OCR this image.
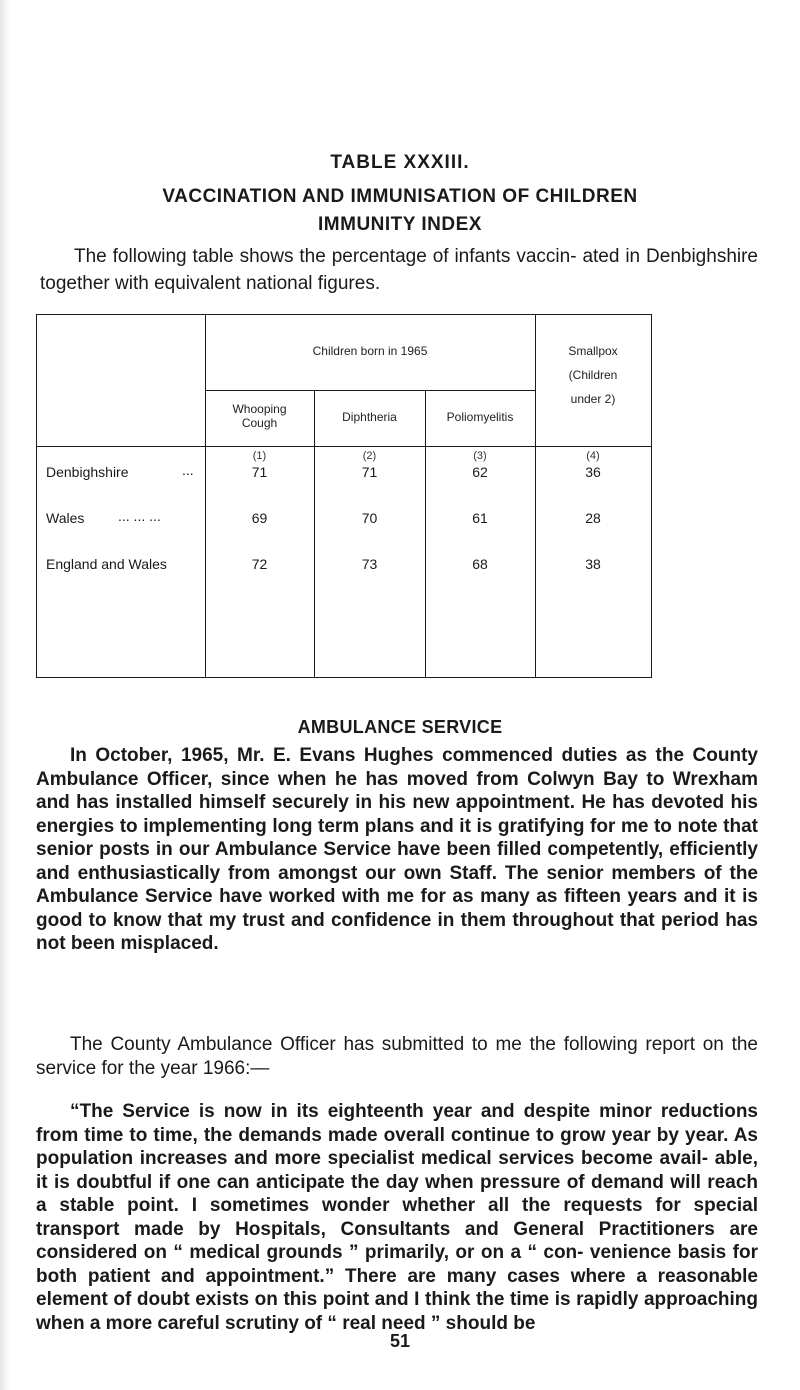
TABLE XXXIII.
VACCINATION AND IMMUNISATION OF CHILDREN
IMMUNITY INDEX
The following table shows the percentage of infants vaccin- ated in Denbighshire together with equivalent national figures.
Children born in 1965	Smallpox
(Children
under 2)
Whooping
Cough	Diphtheria	Poliomyelitis
(1)	(2)	(3)	(4)
Denbighshire	...	71	71	62	36
Wales ... ... ...	69	70	61	28
England and Wales	72	73	68	38
AMBULANCE SERVICE
In October, 1965, Mr. E. Evans Hughes commenced duties as the County Ambulance Officer, since when he has moved from Colwyn Bay to Wrexham and has installed himself securely in his new appointment. He has devoted his energies to implementing long term plans and it is gratifying for me to note that senior posts in our Ambulance Service have been filled competently, efficiently and enthusiastically from amongst our own Staff. The senior members of the Ambulance Service have worked with me for as many as fifteen years and it is good to know that my trust and confidence in them throughout that period has not been misplaced.
The County Ambulance Officer has submitted to me the following report on the service for the year 1966:—
“The Service is now in its eighteenth year and despite minor reductions from time to time, the demands made overall continue to grow year by year. As population increases and more specialist medical services become avail- able, it is doubtful if one can anticipate the day when pressure of demand will reach a stable point. I sometimes wonder whether all the requests for special transport made by Hospitals, Consultants and General Practitioners are considered on “ medical grounds ” primarily, or on a “ con- venience basis for both patient and appointment.” There are many cases where a reasonable element of doubt exists on this point and I think the time is rapidly approaching when a more careful scrutiny of “ real need ” should be
51
